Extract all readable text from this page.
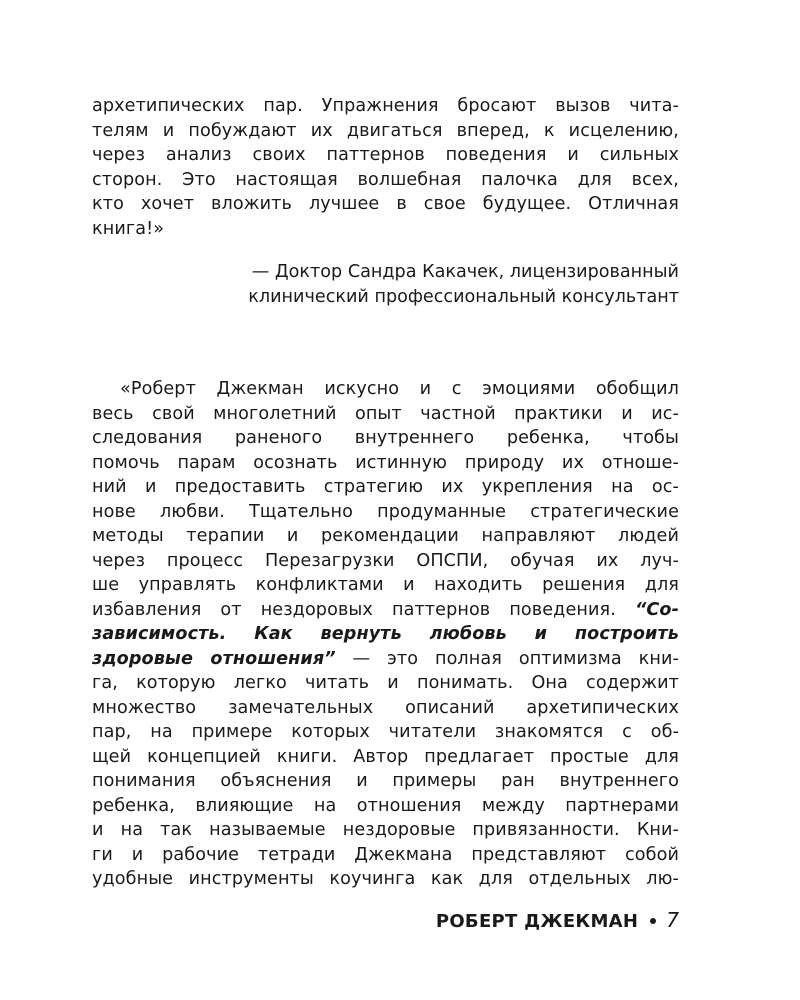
архетипических пар. Упражнения бросают вызов чита-
телям и побуждают их двигаться вперед, к исцелению,
через анализ своих паттернов поведения и сильных
сторон. Это настоящая волшебная палочка для всех,
кто хочет вложить лучшее в свое будущее. Отличная
книга!»
— Доктор Сандра Какачек, лицензированный
клинический профессиональный консультант
«Роберт Джекман искусно и с эмоциями обобщил
весь свой многолетний опыт частной практики и ис-
следования раненого внутреннего ребенка, чтобы
помочь парам осознать истинную природу их отноше-
ний и предоставить стратегию их укрепления на ос-
нове любви. Тщательно продуманные стратегические
методы терапии и рекомендации направляют людей
через процесс Перезагрузки ОПСПИ, обучая их луч-
ше управлять конфликтами и находить решения для
избавления от нездоровых паттернов поведения. “Со-
зависимость. Как вернуть любовь и построить
здоровые отношения” — это полная оптимизма кни-
га, которую легко читать и понимать. Она содержит
множество замечательных описаний архетипических
пар, на примере которых читатели знакомятся с об-
щей концепцией книги. Автор предлагает простые для
понимания объяснения и примеры ран внутреннего
ребенка, влияющие на отношения между партнерами
и на так называемые нездоровые привязанности. Кни-
ги и рабочие тетради Джекмана представляют собой
удобные инструменты коучинга как для отдельных лю-
РОБЕРТ ДЖЕКМАН 7
